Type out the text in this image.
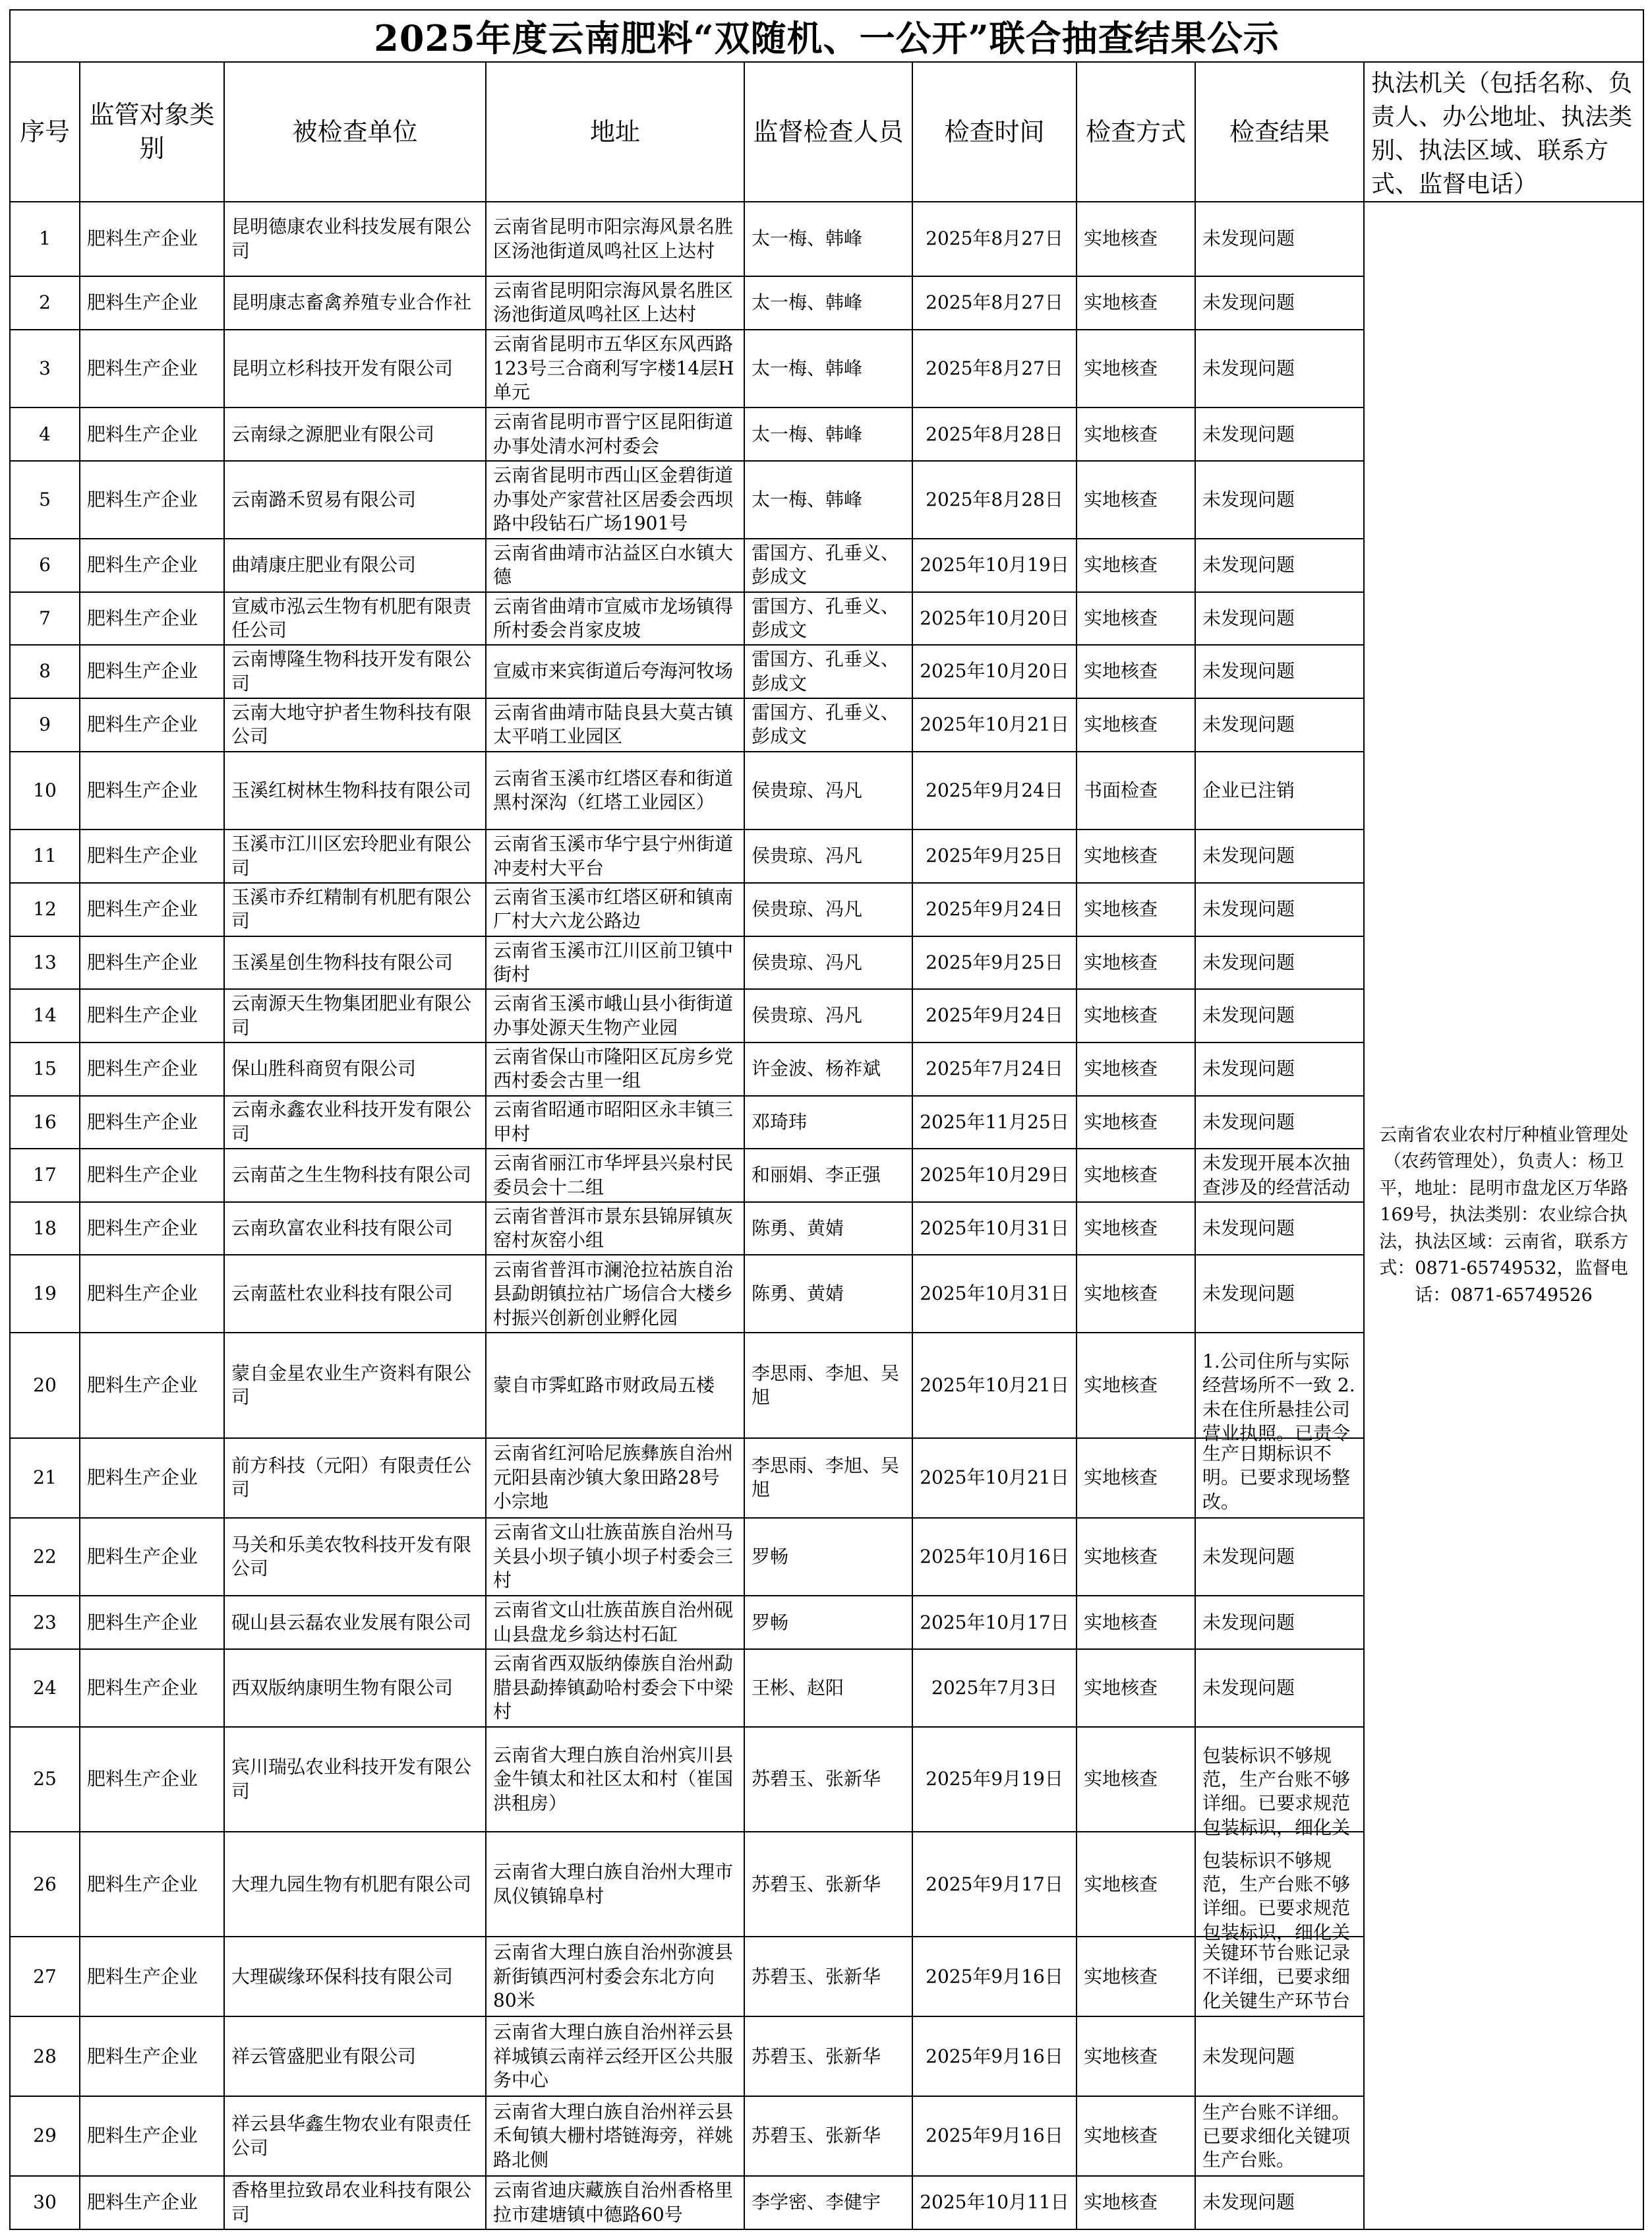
2025年度云南肥料“双随机、一公开”联合抽查结果公示								
序号	监管对象类别	被检查单位	地址	监督检查人员	检查时间	检查方式	检查结果	执法机关（包括名称、负责人、办公地址、执法类别、执法区域、联系方式、监督电话）
1	肥料生产企业	昆明德康农业科技发展有限公司	云南省昆明市阳宗海风景名胜区汤池街道凤鸣社区上达村	太一梅、韩峰	2025年8月27日	实地核查	未发现问题	云南省农业农村厅种植业管理处（农药管理处），负责人：杨卫平，地址：昆明市盘龙区万华路169号，执法类别：农业综合执法，执法区域：云南省，联系方式：0871-65749532，监督电话：0871-65749526
2	肥料生产企业	昆明康志畜禽养殖专业合作社	云南省昆明阳宗海风景名胜区汤池街道凤鸣社区上达村	太一梅、韩峰	2025年8月27日	实地核查	未发现问题	

3	肥料生产企业	昆明立杉科技开发有限公司	云南省昆明市五华区东风西路123号三合商利写字楼14层H单元	太一梅、韩峰	2025年8月27日	实地核查	未发现问题	

4	肥料生产企业	云南绿之源肥业有限公司	云南省昆明市晋宁区昆阳街道办事处清水河村委会	太一梅、韩峰	2025年8月28日	实地核查	未发现问题	

5	肥料生产企业	云南潞禾贸易有限公司	云南省昆明市西山区金碧街道办事处产家营社区居委会西坝路中段钻石广场1901号	太一梅、韩峰	2025年8月28日	实地核查	未发现问题	

6	肥料生产企业	曲靖康庄肥业有限公司	云南省曲靖市沾益区白水镇大德	雷国方、孔垂义、彭成文	2025年10月19日	实地核查	未发现问题	

7	肥料生产企业	宣威市泓云生物有机肥有限责任公司	云南省曲靖市宣威市龙场镇得所村委会肖家皮坡	雷国方、孔垂义、彭成文	2025年10月20日	实地核查	未发现问题	

8	肥料生产企业	云南博隆生物科技开发有限公司	宣威市来宾街道后夸海河牧场	雷国方、孔垂义、彭成文	2025年10月20日	实地核查	未发现问题	

9	肥料生产企业	云南大地守护者生物科技有限公司	云南省曲靖市陆良县大莫古镇太平哨工业园区	雷国方、孔垂义、彭成文	2025年10月21日	实地核查	未发现问题	

10	肥料生产企业	玉溪红树林生物科技有限公司	云南省玉溪市红塔区春和街道黑村深沟（红塔工业园区）	侯贵琼、冯凡	2025年9月24日	书面检查	企业已注销	

11	肥料生产企业	玉溪市江川区宏玲肥业有限公司	云南省玉溪市华宁县宁州街道冲麦村大平台	侯贵琼、冯凡	2025年9月25日	实地核查	未发现问题	

12	肥料生产企业	玉溪市乔红精制有机肥有限公司	云南省玉溪市红塔区研和镇南厂村大六龙公路边	侯贵琼、冯凡	2025年9月24日	实地核查	未发现问题	

13	肥料生产企业	玉溪星创生物科技有限公司	云南省玉溪市江川区前卫镇中街村	侯贵琼、冯凡	2025年9月25日	实地核查	未发现问题	

14	肥料生产企业	云南源天生物集团肥业有限公司	云南省玉溪市峨山县小街街道办事处源天生物产业园	侯贵琼、冯凡	2025年9月24日	实地核查	未发现问题	

15	肥料生产企业	保山胜科商贸有限公司	云南省保山市隆阳区瓦房乡党西村委会古里一组	许金波、杨祚斌	2025年7月24日	实地核查	未发现问题	

16	肥料生产企业	云南永鑫农业科技开发有限公司	云南省昭通市昭阳区永丰镇三甲村	邓琦玮	2025年11月25日	实地核查	未发现问题	

17	肥料生产企业	云南苗之生生物科技有限公司	云南省丽江市华坪县兴泉村民委员会十二组	和丽娟、李正强	2025年10月29日	实地核查	未发现开展本次抽查涉及的经营活动	

18	肥料生产企业	云南玖富农业科技有限公司	云南省普洱市景东县锦屏镇灰窑村灰窑小组	陈勇、黄婧	2025年10月31日	实地核查	未发现问题	

19	肥料生产企业	云南蓝杜农业科技有限公司	云南省普洱市澜沧拉祜族自治县勐朗镇拉祜广场信合大楼乡村振兴创新创业孵化园	陈勇、黄婧	2025年10月31日	实地核查	未发现问题	

20	肥料生产企业	蒙自金星农业生产资料有限公司	蒙自市霁虹路市财政局五楼	李思雨、李旭、吴旭	2025年10月21日	实地核查	1.公司住所与实际经营场所不一致 2.未在住所悬挂公司营业执照。已责令	

21	肥料生产企业	前方科技（元阳）有限责任公司	云南省红河哈尼族彝族自治州元阳县南沙镇大象田路28号小宗地	李思雨、李旭、吴旭	2025年10月21日	实地核查	生产日期标识不明。已要求现场整改。	

22	肥料生产企业	马关和乐美农牧科技开发有限公司	云南省文山壮族苗族自治州马关县小坝子镇小坝子村委会三村	罗畅	2025年10月16日	实地核查	未发现问题	

23	肥料生产企业	砚山县云磊农业发展有限公司	云南省文山壮族苗族自治州砚山县盘龙乡翁达村石缸	罗畅	2025年10月17日	实地核查	未发现问题	

24	肥料生产企业	西双版纳康明生物有限公司	云南省西双版纳傣族自治州勐腊县勐捧镇勐哈村委会下中梁村	王彬、赵阳	2025年7月3日	实地核查	未发现问题	

25	肥料生产企业	宾川瑞弘农业科技开发有限公司	云南省大理白族自治州宾川县金牛镇太和社区太和村（崔国洪租房）	苏碧玉、张新华	2025年9月19日	实地核查	包装标识不够规范，生产台账不够详细。已要求规范包装标识，细化关	

26	肥料生产企业	大理九园生物有机肥有限公司	云南省大理白族自治州大理市凤仪镇锦阜村	苏碧玉、张新华	2025年9月17日	实地核查	包装标识不够规范，生产台账不够详细。已要求规范包装标识，细化关	

27	肥料生产企业	大理碳缘环保科技有限公司	云南省大理白族自治州弥渡县新街镇西河村委会东北方向80米	苏碧玉、张新华	2025年9月16日	实地核查	关键环节台账记录不详细，已要求细化关键生产环节台	

28	肥料生产企业	祥云管盛肥业有限公司	云南省大理白族自治州祥云县祥城镇云南祥云经开区公共服务中心	苏碧玉、张新华	2025年9月16日	实地核查	未发现问题	

29	肥料生产企业	祥云县华鑫生物农业有限责任公司	云南省大理白族自治州祥云县禾甸镇大栅村塔链海旁，祥姚路北侧	苏碧玉、张新华	2025年9月16日	实地核查	生产台账不详细。已要求细化关键项生产台账。	

30	肥料生产企业	香格里拉致昂农业科技有限公司	云南省迪庆藏族自治州香格里拉市建塘镇中德路60号	李学密、李健宇	2025年10月11日	实地核查	未发现问题	
